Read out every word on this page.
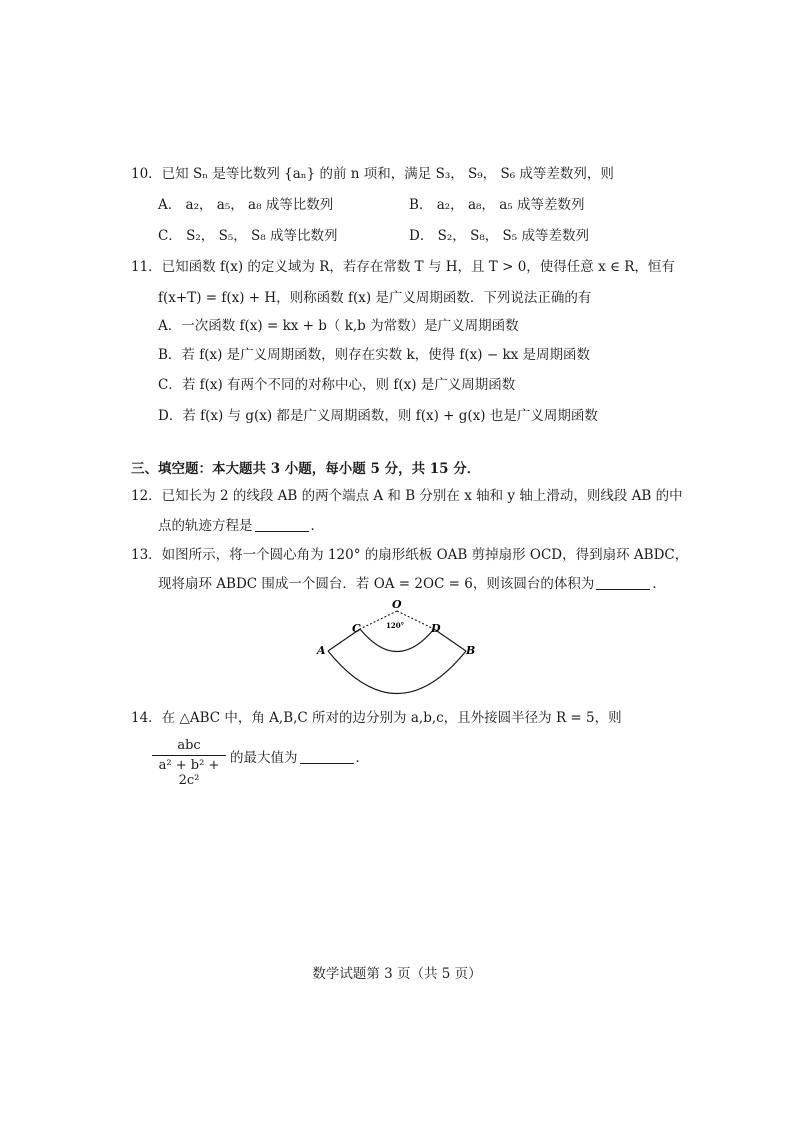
10．已知 Sₙ 是等比数列 {aₙ} 的前 n 项和，满足 S₃， S₉， S₆ 成等差数列，则
A． a₂， a₅， a₈ 成等比数列	B． a₂， a₈， a₅ 成等差数列
C． S₂， S₅， S₈ 成等比数列	D． S₂， S₈， S₅ 成等差数列
11．已知函数 f(x) 的定义域为 R，若存在常数 T 与 H，且 T > 0，使得任意 x ∈ R，恒有
f(x+T) = f(x) + H，则称函数 f(x) 是广义周期函数．下列说法正确的有
A．一次函数 f(x) = kx + b（ k,b 为常数）是广义周期函数
B．若 f(x) 是广义周期函数，则存在实数 k，使得 f(x) − kx 是周期函数
C．若 f(x) 有两个不同的对称中心，则 f(x) 是广义周期函数
D．若 f(x) 与 g(x) 都是广义周期函数，则 f(x) + g(x) 也是广义周期函数
三、填空题：本大题共 3 小题，每小题 5 分，共 15 分．
12．已知长为 2 的线段 AB 的两个端点 A 和 B 分别在 x 轴和 y 轴上滑动，则线段 AB 的中
点的轨迹方程是	．
13．如图所示，将一个圆心角为 120° 的扇形纸板 OAB 剪掉扇形 OCD，得到扇环 ABDC，
现将扇环 ABDC 围成一个圆台．若 OA = 2OC = 6，则该圆台的体积为	．
O
120°
C	D
A	B
14．在 △ABC 中，角 A,B,C 所对的边分别为 a,b,c，且外接圆半径为 R = 5，则
abc
a² + b² + 2c²
的最大值为	．
数学试题第 3 页（共 5 页）
